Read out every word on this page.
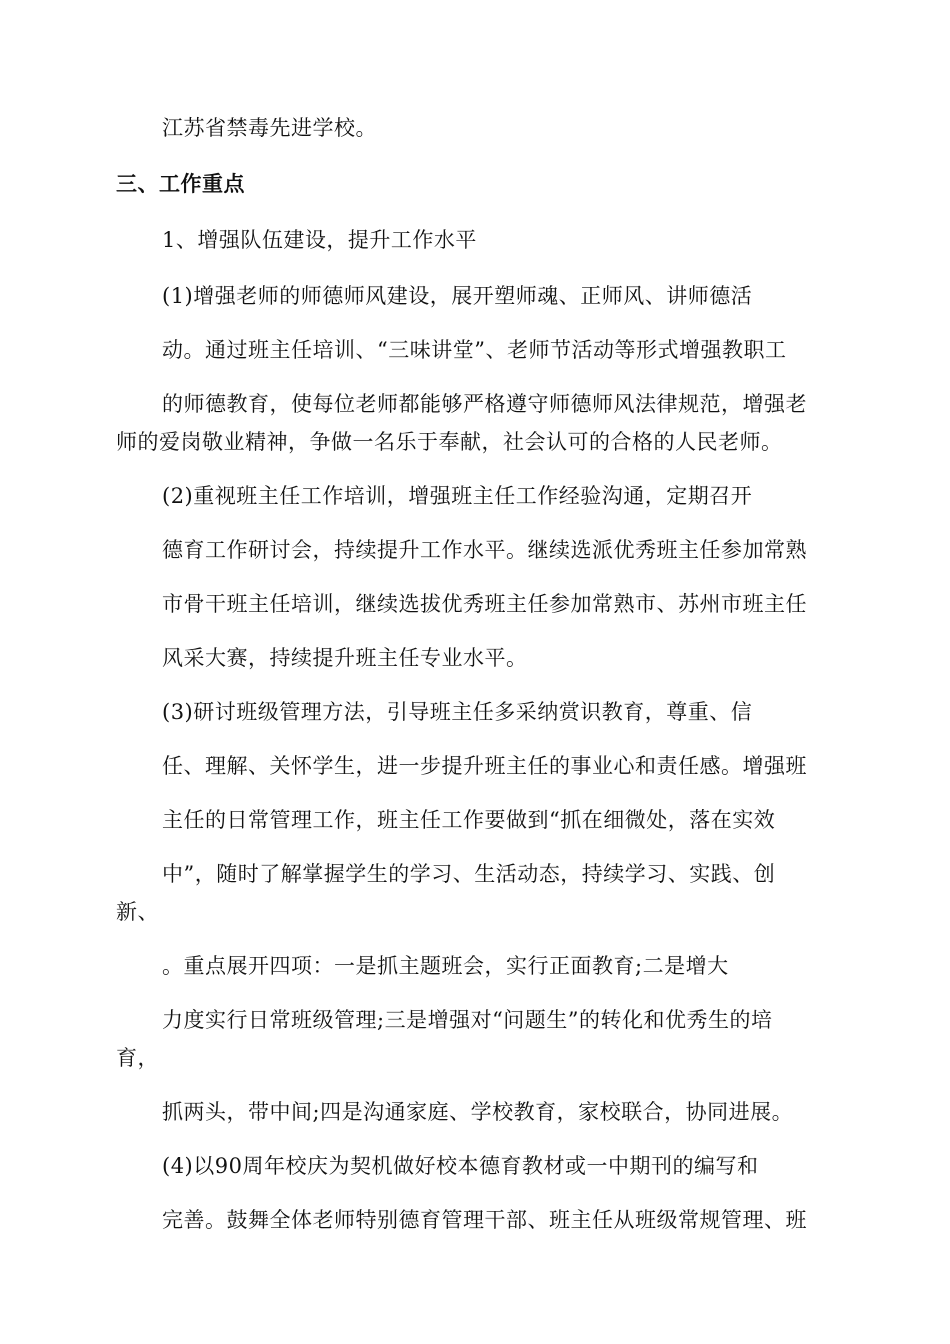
江苏省禁毒先进学校。
三、工作重点
1、增强队伍建设，提升工作水平
(1)增强老师的师德师风建设，展开塑师魂、正师风、讲师德活
动。通过班主任培训、“三味讲堂”、老师节活动等形式增强教职工
的师德教育，使每位老师都能够严格遵守师德师风法律规范，增强老
师的爱岗敬业精神，争做一名乐于奉献，社会认可的合格的人民老师。
(2)重视班主任工作培训，增强班主任工作经验沟通，定期召开
德育工作研讨会，持续提升工作水平。继续选派优秀班主任参加常熟
市骨干班主任培训，继续选拔优秀班主任参加常熟市、苏州市班主任
风采大赛，持续提升班主任专业水平。
(3)研讨班级管理方法，引导班主任多采纳赏识教育，尊重、信
任、理解、关怀学生，进一步提升班主任的事业心和责任感。增强班
主任的日常管理工作，班主任工作要做到“抓在细微处，落在实效
中”，随时了解掌握学生的学习、生活动态，持续学习、实践、创
新、
。重点展开四项：一是抓主题班会，实行正面教育;二是增大
力度实行日常班级管理;三是增强对“问题生”的转化和优秀生的培
育，
抓两头，带中间;四是沟通家庭、学校教育，家校联合，协同进展。
(4)以90周年校庆为契机做好校本德育教材或一中期刊的编写和
完善。鼓舞全体老师特别德育管理干部、班主任从班级常规管理、班
